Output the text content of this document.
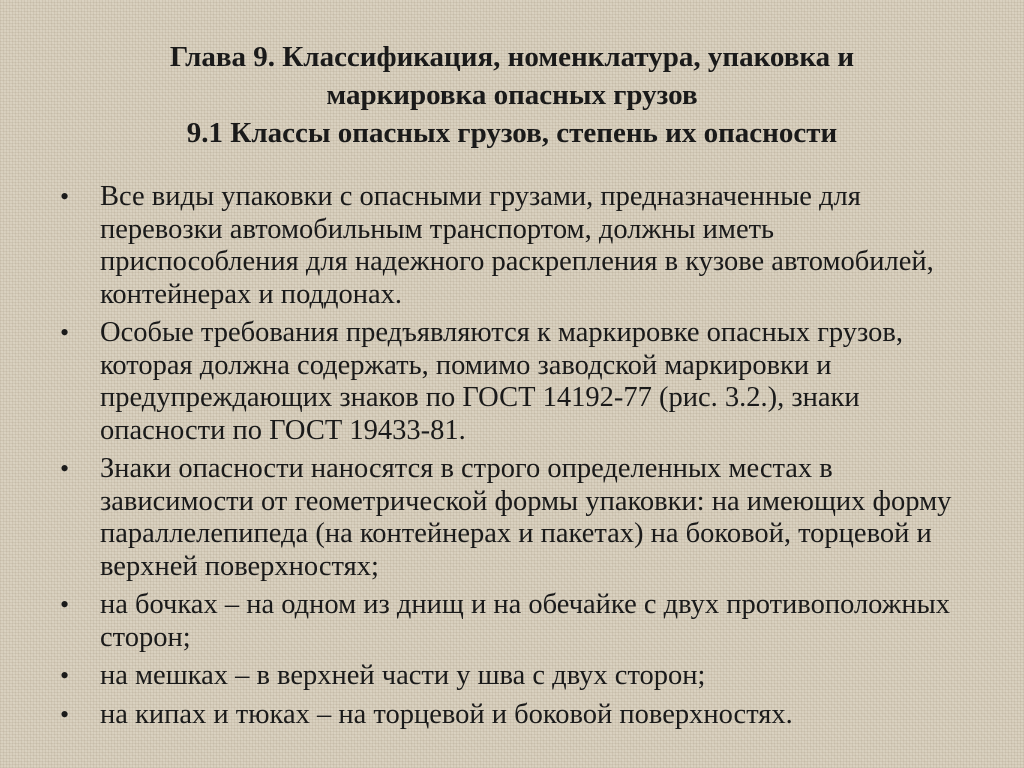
Глава 9. Классификация, номенклатура, упаковка и
маркировка опасных грузов
9.1 Классы опасных грузов, степень их опасности
• Все виды упаковки с опасными грузами, предназначенные для перевозки автомобильным транспортом, должны иметь приспособления для надежного раскрепления в кузове автомобилей, контейнерах и поддонах.
• Особые требования предъявляются к маркировке опасных грузов, которая должна содержать, помимо заводской маркировки и предупреждающих знаков по ГОСТ 14192-77 (рис. 3.2.), знаки опасности по ГОСТ 19433-81.
• Знаки опасности наносятся в строго определенных местах в зависимости от геометрической формы упаковки: на имеющих форму параллелепипеда (на контейнерах и пакетах) на боковой, торцевой и верхней поверхностях;
• на бочках – на одном из днищ и на обечайке с двух противоположных сторон;
• на мешках – в верхней части у шва с двух сторон;
• на кипах и тюках – на торцевой и боковой поверхностях.
